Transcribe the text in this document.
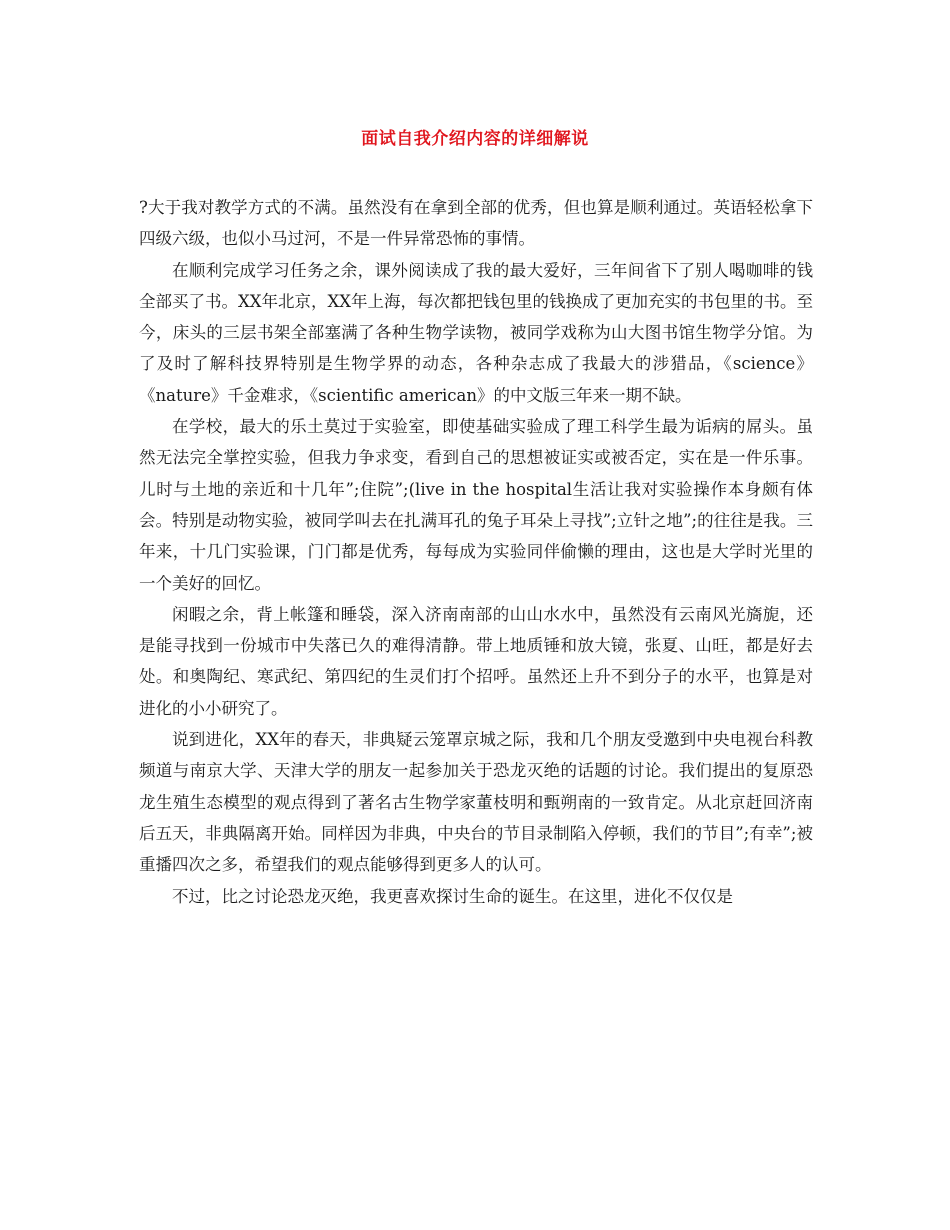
面试自我介绍内容的详细解说

?大于我对教学方式的不满。虽然没有在拿到全部的优秀，但也算是顺利通过。英语轻松拿下四级六级，也似小马过河，不是一件异常恐怖的事情。

在顺利完成学习任务之余，课外阅读成了我的最大爱好，三年间省下了别人喝咖啡的钱全部买了书。XX年北京，XX年上海，每次都把钱包里的钱换成了更加充实的书包里的书。至今，床头的三层书架全部塞满了各种生物学读物，被同学戏称为山大图书馆生物学分馆。为了及时了解科技界特别是生物学界的动态，各种杂志成了我最大的涉猎品，《science》《nature》千金难求，《scientific american》的中文版三年来一期不缺。

在学校，最大的乐土莫过于实验室，即使基础实验成了理工科学生最为诟病的屌头。虽然无法完全掌控实验，但我力争求变，看到自己的思想被证实或被否定，实在是一件乐事。儿时与土地的亲近和十几年”;住院”;(live in the hospital生活让我对实验操作本身颇有体会。特别是动物实验，被同学叫去在扎满耳孔的兔子耳朵上寻找”;立针之地”;的往往是我。三年来，十几门实验课，门门都是优秀，每每成为实验同伴偷懒的理由，这也是大学时光里的一个美好的回忆。

闲暇之余，背上帐篷和睡袋，深入济南南部的山山水水中，虽然没有云南风光旖旎，还是能寻找到一份城市中失落已久的难得清静。带上地质锤和放大镜，张夏、山旺，都是好去处。和奥陶纪、寒武纪、第四纪的生灵们打个招呼。虽然还上升不到分子的水平，也算是对进化的小小研究了。

说到进化，XX年的春天，非典疑云笼罩京城之际，我和几个朋友受邀到中央电视台科教频道与南京大学、天津大学的朋友一起参加关于恐龙灭绝的话题的讨论。我们提出的复原恐龙生殖生态模型的观点得到了著名古生物学家董枝明和甄朔南的一致肯定。从北京赶回济南后五天，非典隔离开始。同样因为非典，中央台的节目录制陷入停顿，我们的节目”;有幸”;被重播四次之多，希望我们的观点能够得到更多人的认可。

不过，比之讨论恐龙灭绝，我更喜欢探讨生命的诞生。在这里，进化不仅仅是
